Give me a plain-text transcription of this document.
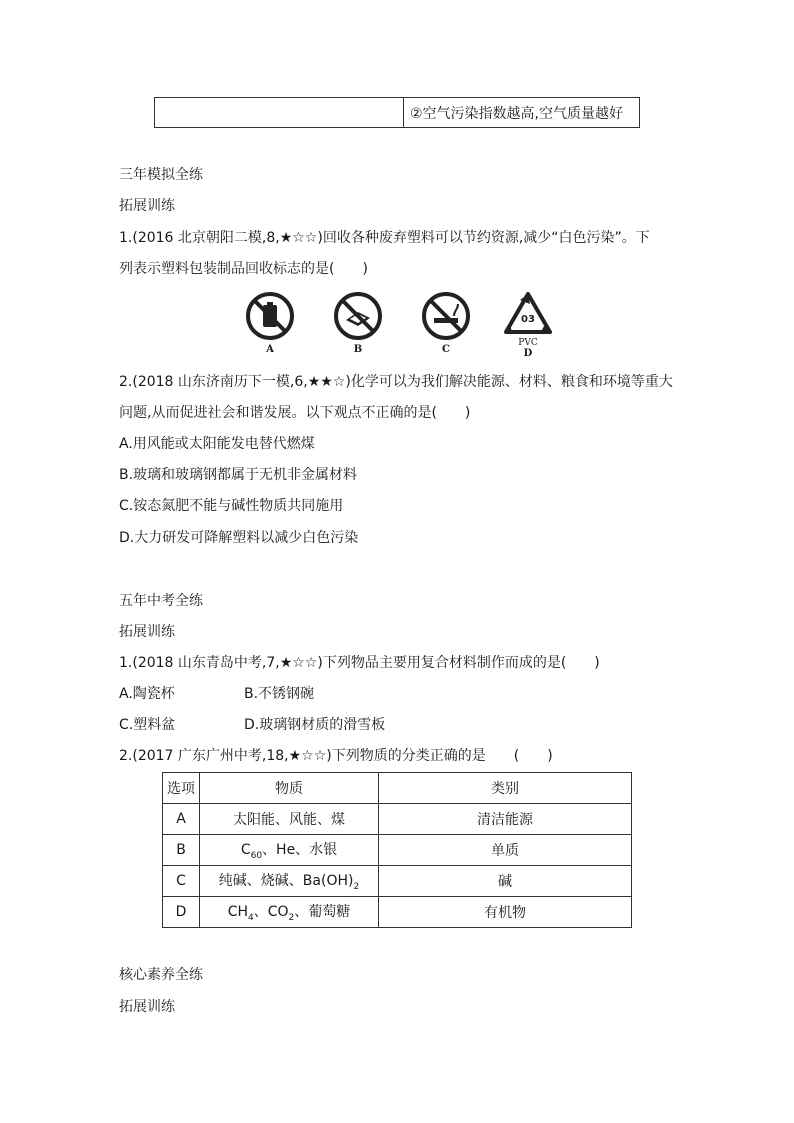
	②空气污染指数越高,空气质量越好
三年模拟全练
拓展训练
1.(2016 北京朝阳二模,8,★☆☆)回收各种废弃塑料可以节约资源,减少“白色污染”。下
列表示塑料包装制品回收标志的是(　　)
A	B	C
03
PVC
D
2.(2018 山东济南历下一模,6,★★☆)化学可以为我们解决能源、材料、粮食和环境等重大
问题,从而促进社会和谐发展。以下观点不正确的是(　　)
A.用风能或太阳能发电替代燃煤
B.玻璃和玻璃钢都属于无机非金属材料
C.铵态氮肥不能与碱性物质共同施用
D.大力研发可降解塑料以减少白色污染
五年中考全练
拓展训练
1.(2018 山东青岛中考,7,★☆☆)下列物品主要用复合材料制作而成的是(　　)
A.陶瓷杯	B.不锈钢碗
C.塑料盆	D.玻璃钢材质的滑雪板
2.(2017 广东广州中考,18,★☆☆)下列物质的分类正确的是　　(　　)
选项	物质	类别
A	太阳能、风能、煤	清洁能源
B	$C_{60}$、He、水银	单质
C	纯碱、烧碱、$Ba(OH)_2$	碱
D	$CH_4$、$CO_2$、葡萄糖	有机物
核心素养全练
拓展训练
